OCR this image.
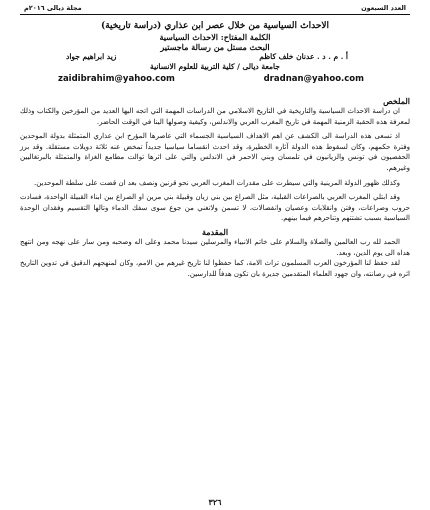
العدد السبعون
مجلة ديالى ٢٠١٦م
الاحداث السياسية من خلال عصر ابن عذاري (دراسة تاريخية)
الكلمة المفتاح: الاحداث السياسية
البحث مستل من رسالة ماجستير
أ . م . د . عدنان خلف كاظم
زيد ابراهيم جواد
جامعة ديالى / كلية التربية للعلوم الانسانية
zaidibrahim@yahoo.com	dradnan@yahoo.com
الملخص

ان دراسة الاحداث السياسية والتاريخية في التاريخ الاسلامي من الدراسات المهمة التي اتجه اليها العديد من المؤرخين والكتاب وذلك لمعرفة هذه الحقبة الزمنية المهمة في تاريخ المغرب العربي والاندلس، وكيفية وصولها الينا في الوقت الحاضر.

اذ تسعى هذه الدراسة الى الكشف عن اهم الاهداف السياسية الجسماء التي عاصرها المؤرخ ابن عذاري المتمثلة بدولة الموحدين وفترة حكمهم، وكان لسقوط هذه الدولة آثاره الخطيرة، وقد احدث انقساما سياسيا جديداً تمخض عنه ثلاثة دويلات مستقلة. وقد برز الحفصيون في تونس والزيانيون في تلمسان وبني الاحمر في الاندلس والتي على اثرها توالت مطامع الغزاة والمتمثلة بالبرتغاليين وغيرهم.

وكذلك ظهور الدولة المرينية والتي سيطرت على مقدرات المغرب العربي نحو قرنين ونصف بعد ان قضت على سلطة الموحدين.

وقد ابتلي المغرب العربي بالصراعات القبلية، مثل الصراع بين بني زيان وقبيلة بني مرين او الصراع بين ابناء القبيلة الواحدة، فسادت حروب وصراعات، وفتن وانقلابات وعصيان وانفصالات، لا تسمن ولاتغني من جوع سوى سفك الدماء وتالها التقسيم وفقدان الوحدة السياسية بسبب تشتتهم وتناحرهم فيما بينهم.

المقدمة

الحمد لله رب العالمين والصلاة والسلام على خاتم الانبياء والمرسلين سيدنا محمد وعلى اله وصحبه ومن سار على نهجه ومن انتهج هداه الى يوم الدين، وبعد.

لقد حفظ لنا المؤرخون العرب المسلمون تراث الامة، كما حفظوا لنا تاريخ غيرهم من الامم، وكان لمنهجهم الدقيق في تدوين التاريخ اثره في رصانته، وان جهود العلماء المتقدمين جديرة بان تكون هدفاً للدارسين.

٣٢٦
